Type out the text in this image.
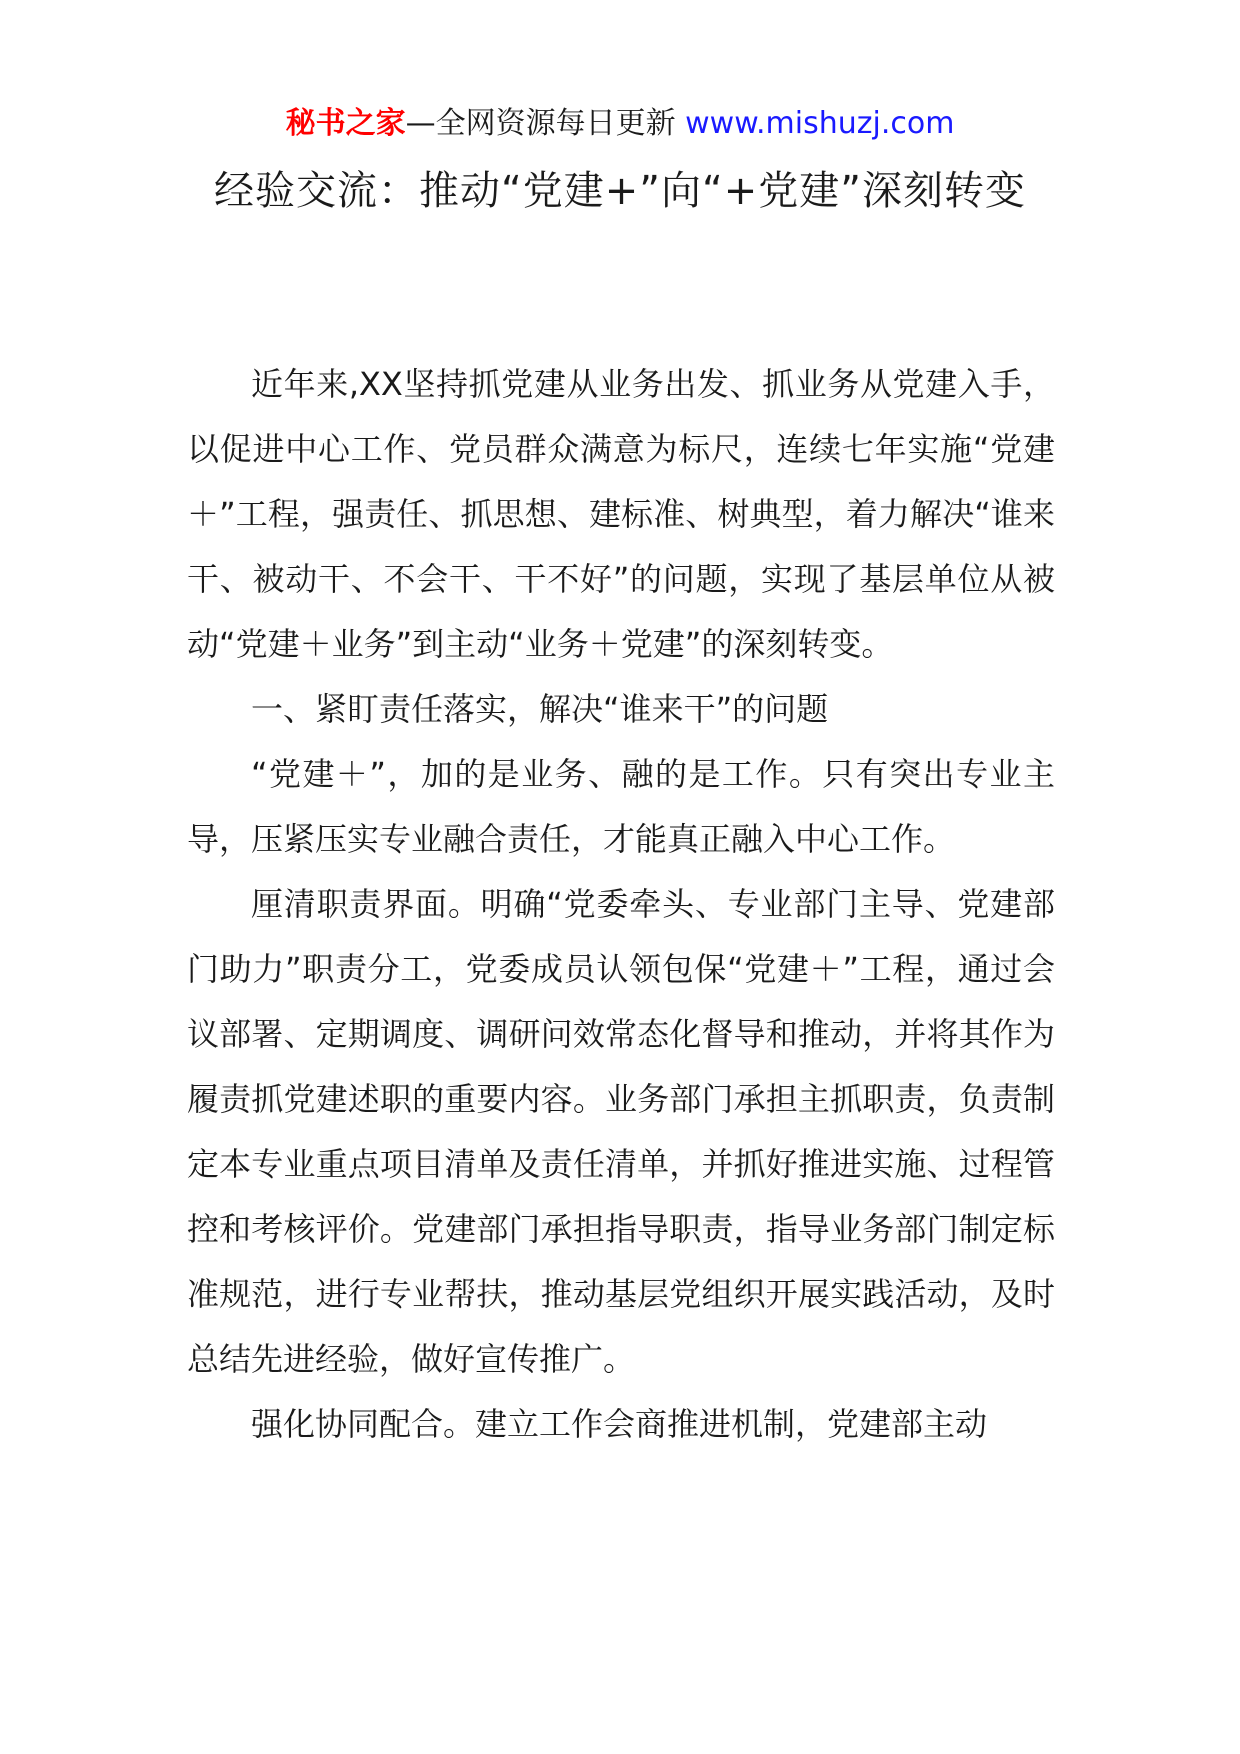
秘书之家—全网资源每日更新 www.mishuzj.com
经验交流：推动“党建+”向“+党建”深刻转变

近年来,XX坚持抓党建从业务出发、抓业务从党建入手，以促进中心工作、党员群众满意为标尺，连续七年实施“党建＋”工程，强责任、抓思想、建标准、树典型，着力解决“谁来干、被动干、不会干、干不好”的问题，实现了基层单位从被动“党建＋业务”到主动“业务＋党建”的深刻转变。

一、紧盯责任落实，解决“谁来干”的问题

“党建＋”，加的是业务、融的是工作。只有突出专业主导，压紧压实专业融合责任，才能真正融入中心工作。

厘清职责界面。明确“党委牵头、专业部门主导、党建部门助力”职责分工，党委成员认领包保“党建＋”工程，通过会议部署、定期调度、调研问效常态化督导和推动，并将其作为履责抓党建述职的重要内容。业务部门承担主抓职责，负责制定本专业重点项目清单及责任清单，并抓好推进实施、过程管控和考核评价。党建部门承担指导职责，指导业务部门制定标准规范，进行专业帮扶，推动基层党组织开展实践活动，及时总结先进经验，做好宣传推广。

强化协同配合。建立工作会商推进机制，党建部主动
